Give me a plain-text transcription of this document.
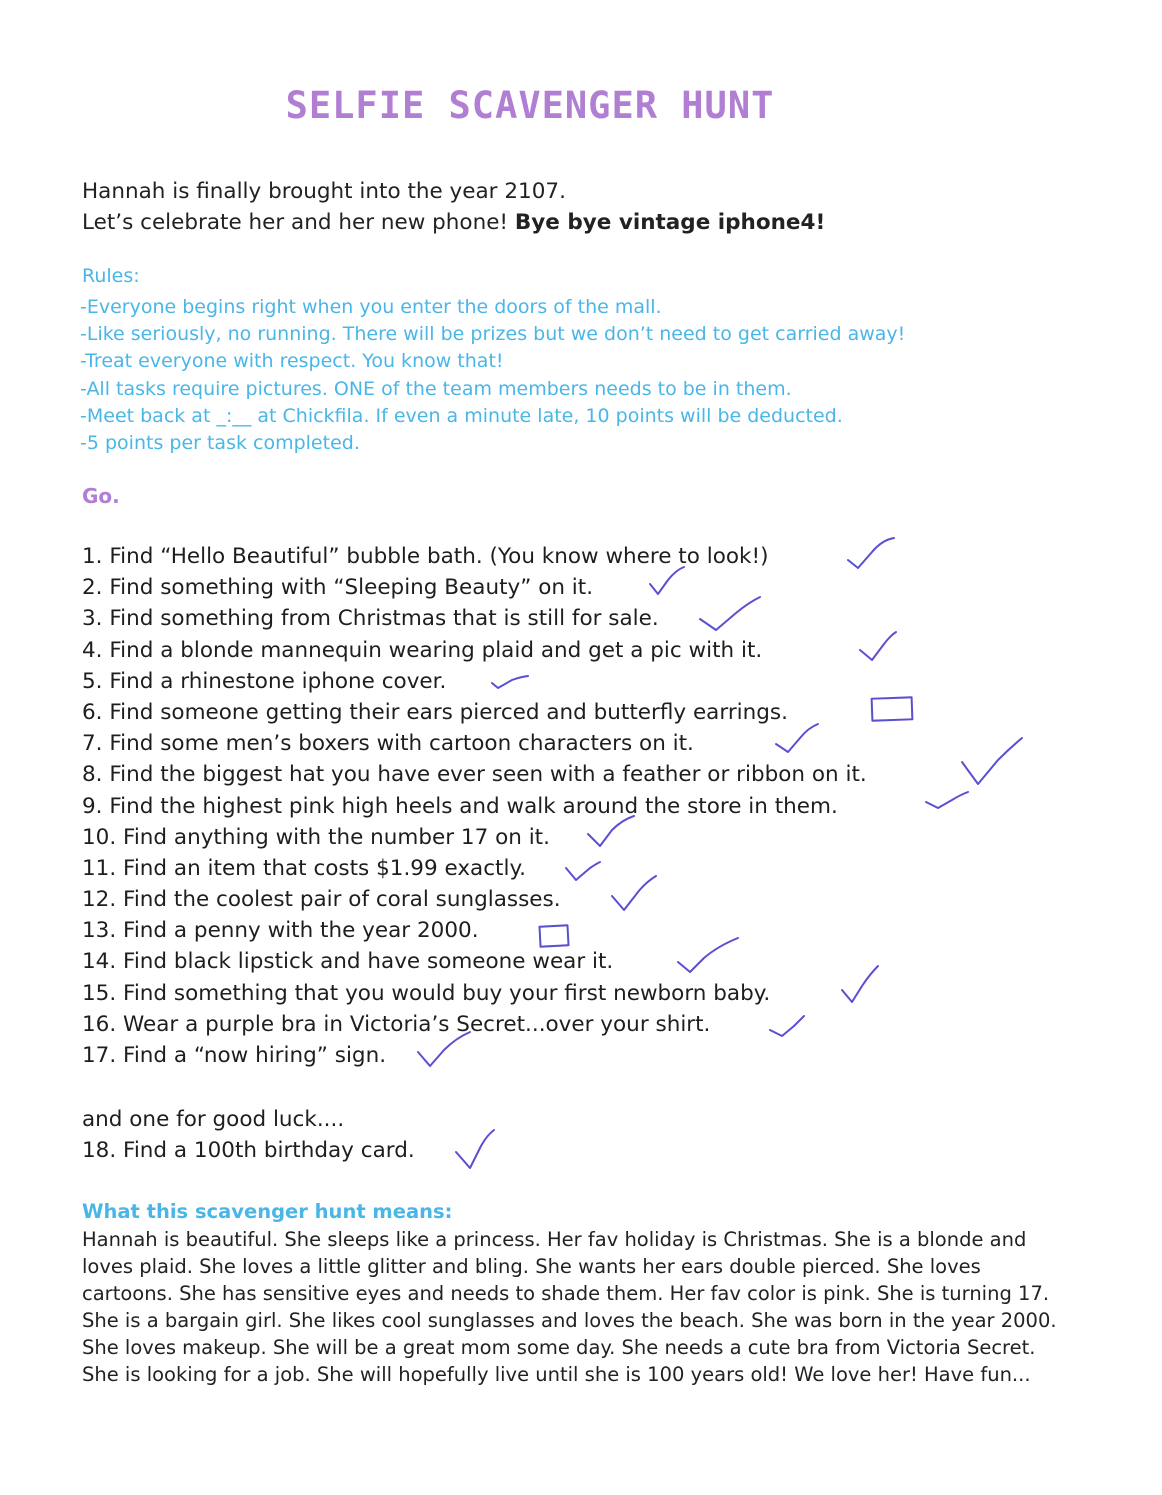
SELFIE SCAVENGER HUNT
Hannah is finally brought into the year 2107.
Let’s celebrate her and her new phone! Bye bye vintage iphone4!
Rules:
-Everyone begins right when you enter the doors of the mall.
-Like seriously, no running. There will be prizes but we don’t need to get carried away!
-Treat everyone with respect. You know that!
-All tasks require pictures. ONE of the team members needs to be in them.
-Meet back at _:__ at Chickfila. If even a minute late, 10 points will be deducted.
-5 points per task completed.
Go.
1. Find “Hello Beautiful” bubble bath. (You know where to look!)
2. Find something with “Sleeping Beauty” on it.
3. Find something from Christmas that is still for sale.
4. Find a blonde mannequin wearing plaid and get a pic with it.
5. Find a rhinestone iphone cover.
6. Find someone getting their ears pierced and butterfly earrings.
7. Find some men’s boxers with cartoon characters on it.
8. Find the biggest hat you have ever seen with a feather or ribbon on it.
9. Find the highest pink high heels and walk around the store in them.
10. Find anything with the number 17 on it.
11. Find an item that costs $1.99 exactly.
12. Find the coolest pair of coral sunglasses.
13. Find a penny with the year 2000.
14. Find black lipstick and have someone wear it.
15. Find something that you would buy your first newborn baby.
16. Wear a purple bra in Victoria’s Secret...over your shirt.
17. Find a “now hiring” sign.
and one for good luck....
18. Find a 100th birthday card.
What this scavenger hunt means:
Hannah is beautiful. She sleeps like a princess. Her fav holiday is Christmas. She is a blonde and loves plaid. She loves a little glitter and bling. She wants her ears double pierced. She loves cartoons. She has sensitive eyes and needs to shade them. Her fav color is pink. She is turning 17. She is a bargain girl. She likes cool sunglasses and loves the beach. She was born in the year 2000. She loves makeup. She will be a great mom some day. She needs a cute bra from Victoria Secret. She is looking for a job. She will hopefully live until she is 100 years old! We love her! Have fun...
